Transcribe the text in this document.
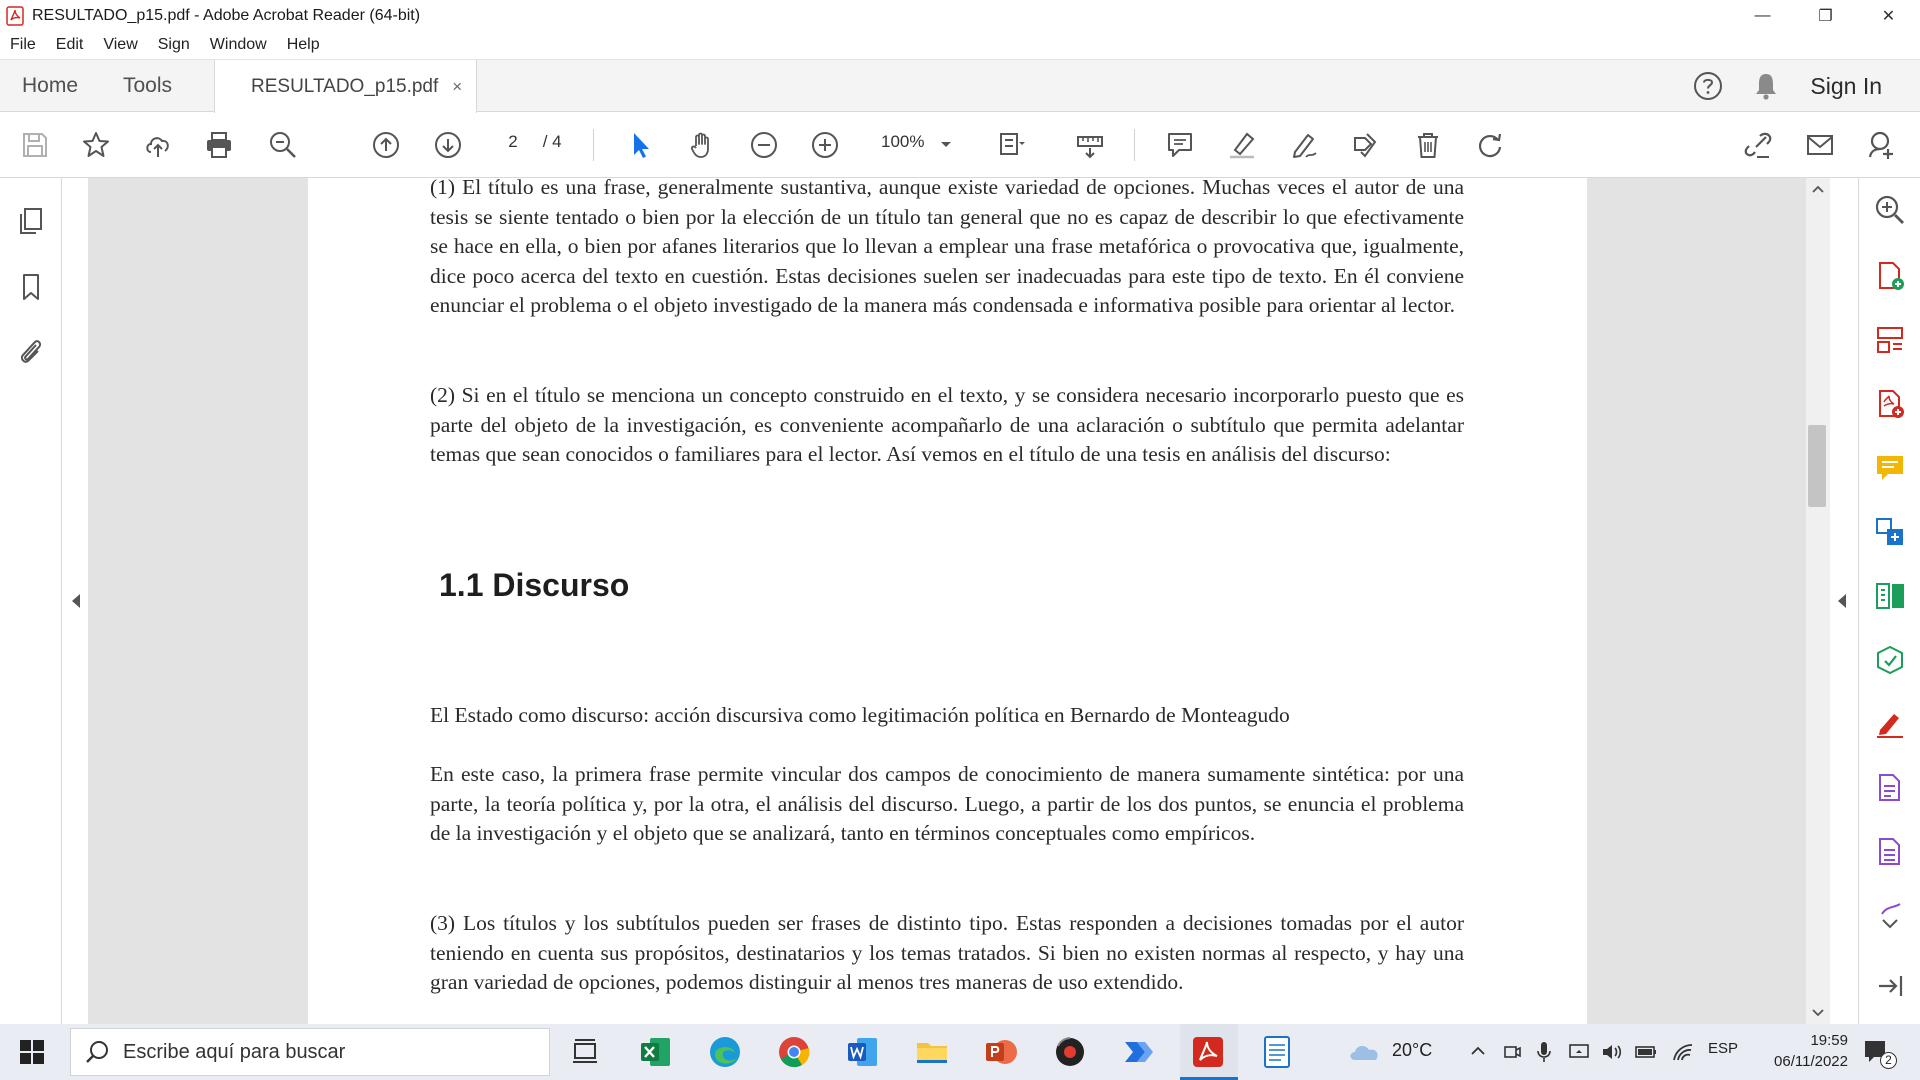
RESULTADO_p15.pdf - Adobe Acrobat Reader (64-bit)	—	❐	✕
File Edit View Sign Window Help
Home Tools	RESULTADO_p15.pdf ×	Sign In
2 / 4	100%

(1) El título es una frase, generalmente sustantiva, aunque existe variedad de opciones. Muchas veces el autor de una tesis se siente tentado o bien por la elección de un título tan general que no es capaz de describir lo que efectivamente se hace en ella, o bien por afanes literarios que lo llevan a emplear una frase metafórica o provocativa que, igualmente, dice poco acerca del texto en cuestión. Estas decisiones suelen ser inadecuadas para este tipo de texto. En él conviene enunciar el problema o el objeto investigado de la manera más condensada e informativa posible para orientar al lector.

(2) Si en el título se menciona un concepto construido en el texto, y se considera necesario incorporarlo puesto que es parte del objeto de la investigación, es conveniente acompañarlo de una aclaración o subtítulo que permita adelantar temas que sean conocidos o familiares para el lector. Así vemos en el título de una tesis en análisis del discurso:

1.1 Discurso

El Estado como discurso: acción discursiva como legitimación política en Bernardo de Monteagudo

En este caso, la primera frase permite vincular dos campos de conocimiento de manera sumamente sintética: por una parte, la teoría política y, por la otra, el análisis del discurso. Luego, a partir de los dos puntos, se enuncia el problema de la investigación y el objeto que se analizará, tanto en términos conceptuales como empíricos.

(3) Los títulos y los subtítulos pueden ser frases de distinto tipo. Estas responden a decisiones tomadas por el autor teniendo en cuenta sus propósitos, destinatarios y los temas tratados. Si bien no existen normas al respecto, y hay una gran variedad de opciones, podemos distinguir al menos tres maneras de uso extendido.

Escribe aquí para buscar	20°C	ESP	19:59
06/11/2022	2
